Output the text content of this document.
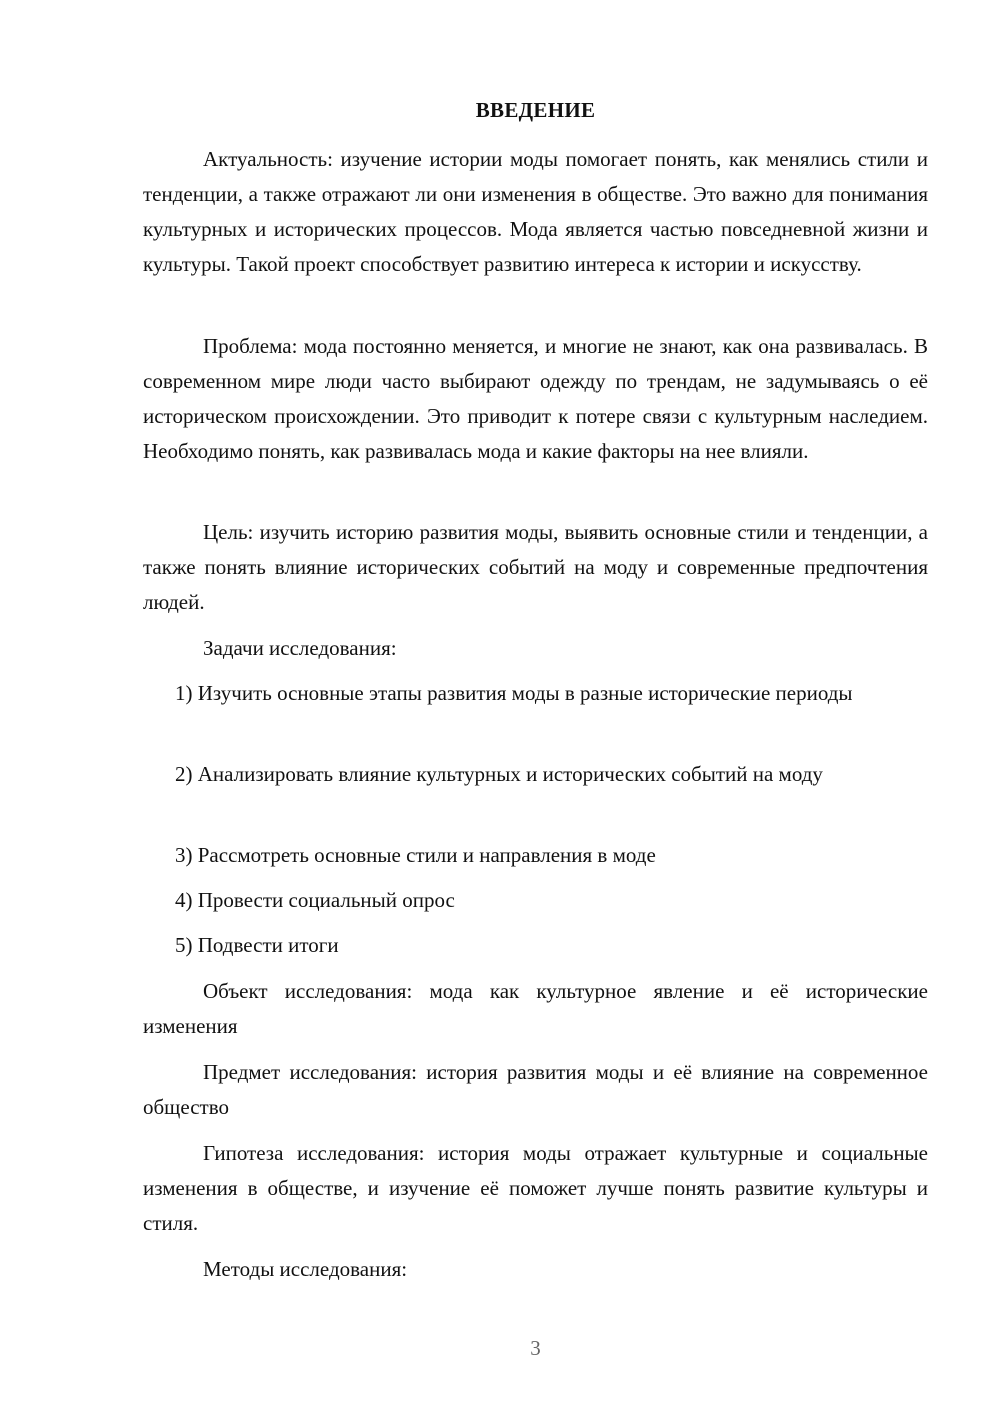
ВВЕДЕНИЕ

Актуальность: изучение истории моды помогает понять, как менялись стили и тенденции, а также отражают ли они изменения в обществе. Это важно для понимания культурных и исторических процессов. Мода является частью повседневной жизни и культуры. Такой проект способствует развитию интереса к истории и искусству.

Проблема: мода постоянно меняется, и многие не знают, как она развивалась. В современном мире люди часто выбирают одежду по трендам, не задумываясь о её историческом происхождении. Это приводит к потере связи с культурным наследием. Необходимо понять, как развивалась мода и какие факторы на нее влияли.

Цель: изучить историю развития моды, выявить основные стили и тенденции, а также понять влияние исторических событий на моду и современные предпочтения людей.

Задачи исследования:

1) Изучить основные этапы развития моды в разные исторические периоды

2) Анализировать влияние культурных и исторических событий на моду

3) Рассмотреть основные стили и направления в моде

4) Провести социальный опрос

5) Подвести итоги

Объект исследования: мода как культурное явление и её исторические изменения

Предмет исследования: история развития моды и её влияние на современное общество

Гипотеза исследования: история моды отражает культурные и социальные изменения в обществе, и изучение её поможет лучше понять развитие культуры и стиля.

Методы исследования:

3
